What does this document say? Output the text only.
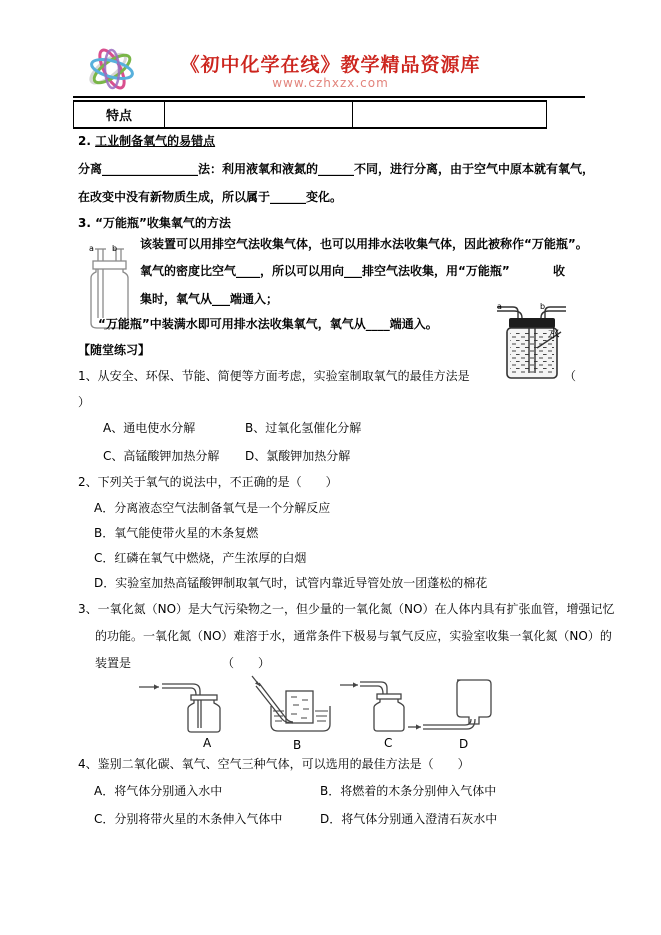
《初中化学在线》教学精品资源库
www.czhxzx.com
特点
2. 工业制备氧气的易错点
分离________________法：利用液氧和液氮的______不同，进行分离，由于空气中原本就有氧气，
在改变中没有新物质生成，所以属于______变化。
3. “万能瓶”收集氧气的方法
a b 该装置可以用排空气法收集气体，也可以用排水法收集气体，因此被称作“万能瓶”。
氧气的密度比空气____，所以可以用向___排空气法收集，用“万能瓶”	收
集时，氧气从___端通入；
“万能瓶”中装满水即可用排水法收集氧气，氧气从____端通入。
a	b
水
【随堂练习】
1、从安全、环保、节能、简便等方面考虑，实验室制取氧气的最佳方法是	（
）
A、通电使水分解	B、过氧化氢催化分解
C、高锰酸钾加热分解 D、氯酸钾加热分解
2、下列关于氧气的说法中，不正确的是（　　）
A．分离液态空气法制备氧气是一个分解反应
B．氧气能使带火星的木条复燃
C．红磷在氧气中燃烧，产生浓厚的白烟
D．实验室加热高锰酸钾制取氧气时，试管内靠近导管处放一团蓬松的棉花
3、一氧化氮（NO）是大气污染物之一，但少量的一氧化氮（NO）在人体内具有扩张血管，增强记忆
的功能。一氧化氮（NO）难溶于水，通常条件下极易与氧气反应，实验室收集一氧化氮（NO）的
装置是	（　　）
A	B	C	D
4、鉴别二氧化碳、氧气、空气三种气体，可以选用的最佳方法是（　　）
A．将气体分别通入水中	B．将燃着的木条分别伸入气体中
C．分别将带火星的木条伸入气体中	D．将气体分别通入澄清石灰水中
